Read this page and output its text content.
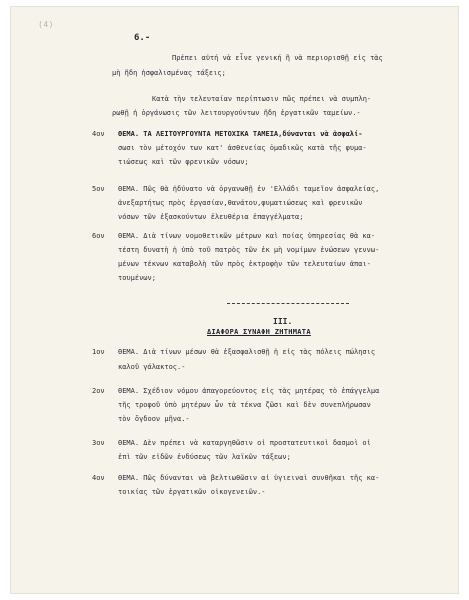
(4)
6.-
Πρέπει αὐτή νὰ εἶνε γενική ἢ νὰ περιορισθῇ εἰς τὰς
μὴ ἤδη ἠσφαλισμένας τάξεις;
Κατὰ τὴν τελευταίαν περίπτωσιν πῶς πρέπει νὰ συμπλη-
ρωθῇ ἡ ὀργάνωσις τῶν λειτουργούντων ἤδη ἐργατικῶν ταμείων.-
4ον ΘΕΜΑ. ΤΑ ΛΕΙΤΟΥΡΓΟΥΝΤΑ ΜΕΤΟΧΙΚΑ ΤΑΜΕΙΑ,δύνανται νὰ ἀσφαλί-
σωσι τὸν μέτοχόν των κατ' ἀσθενείας ὀμαδικῶς κατὰ τῆς φυμα-
τιώσεως καὶ τῶν φρενικῶν νόσων;
5ον ΘΕΜΑ. Πῶς θὰ ἠδύνατο νὰ ὀργανωθῇ ἐν 'Ελλάδι ταμεῖον ἀσφαλείας,
ἀνεξαρτήτως πρὸς ἐργασίαν,θανάτου,φυματιώσεως καὶ φρενικῶν
νόσων τῶν ἐξασκούντων ἐλευθέρια ἐπαγγέλματα;
6ον ΘΕΜΑ. Διὰ τίνων νομοθετικῶν μέτρων καὶ ποίας ὑπηρεσίας θὰ κα-
τέστη δυνατὴ ἡ ὑπὸ τοῦ πατρὸς τῶν ἐκ μὴ νομίμων ἐνώσεων γεννω-
μένων τέκνων καταβολὴ τῶν πρὸς ἐκτροφὴν τῶν τελευταίων ἀπαι-
τουμένων;
III.
ΔΙΑΦΟΡΑ ΣΥΝΑΦΗ ΖΗΤΗΜΑΤΑ
1ον ΘΕΜΑ. Διὰ τίνων μέσων θὰ ἐξασφαλισθῇ ἡ εἰς τὰς πόλεις πώλησις
καλοῦ γάλακτος.-
2ον ΘΕΜΑ. Σχέδιον νόμου ἀπαγορεύοντος εἰς τὰς μητέρας τὸ ἐπάγγελμα
τῆς τροφοῦ ὑπὸ μητέρων ὧν τὰ τέκνα ζῶσι καὶ δὲν συνεπλήρωσαν
τὸν ὄγδοον μῆνα.-
3ον ΘΕΜΑ. Δὲν πρέπει νὰ καταργηθῶσιν οἱ προστατευτικοὶ δασμοὶ οἱ
ἐπὶ τῶν εἰδῶν ἐνδύσεως τῶν λαϊκῶν τάξεων;
4ον ΘΕΜΑ. Πῶς δύνανται νὰ βελτιωθῶσιν αἱ ὑγιειναὶ συνθῆκαι τῆς κα-
τοικίας τῶν ἐργατικῶν οἰκογενειῶν.-
